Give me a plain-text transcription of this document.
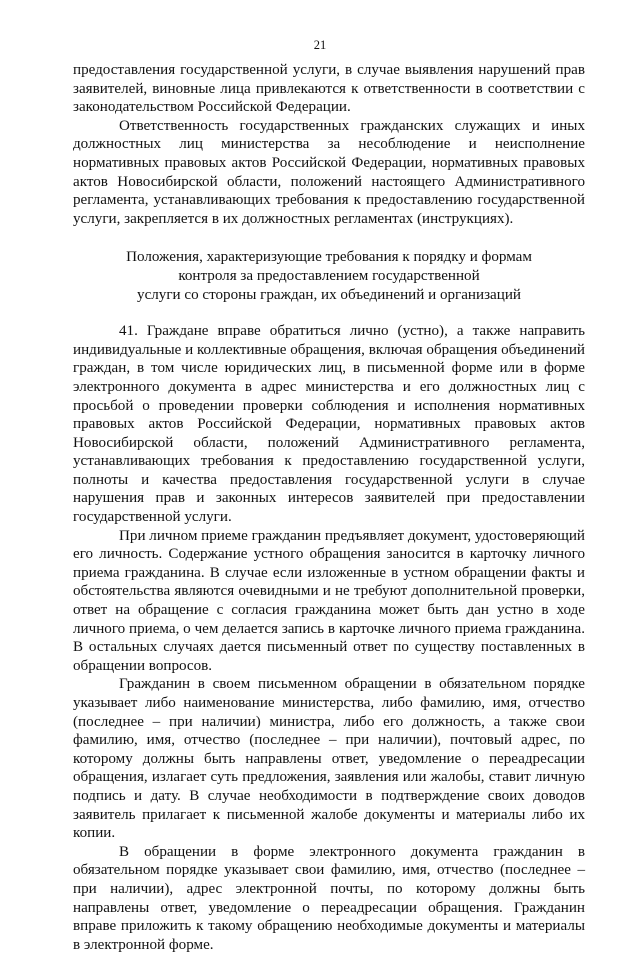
21

предоставления государственной услуги, в случае выявления нарушений прав заявителей, виновные лица привлекаются к ответственности в соответствии с законодательством Российской Федерации.

Ответственность государственных гражданских служащих и иных должностных лиц министерства за несоблюдение и неисполнение нормативных правовых актов Российской Федерации, нормативных правовых актов Новосибирской области, положений настоящего Административного регламента, устанавливающих требования к предоставлению государственной услуги, закрепляется в их должностных регламентах (инструкциях).

Положения, характеризующие требования к порядку и формам
контроля за предоставлением государственной
услуги со стороны граждан, их объединений и организаций

41. Граждане вправе обратиться лично (устно), а также направить индивидуальные и коллективные обращения, включая обращения объединений граждан, в том числе юридических лиц, в письменной форме или в форме электронного документа в адрес министерства и его должностных лиц с просьбой о проведении проверки соблюдения и исполнения нормативных правовых актов Российской Федерации, нормативных правовых актов Новосибирской области, положений Административного регламента, устанавливающих требования к предоставлению государственной услуги, полноты и качества предоставления государственной услуги в случае нарушения прав и законных интересов заявителей при предоставлении государственной услуги.

При личном приеме гражданин предъявляет документ, удостоверяющий его личность. Содержание устного обращения заносится в карточку личного приема гражданина. В случае если изложенные в устном обращении факты и обстоятельства являются очевидными и не требуют дополнительной проверки, ответ на обращение с согласия гражданина может быть дан устно в ходе личного приема, о чем делается запись в карточке личного приема гражданина. В остальных случаях дается письменный ответ по существу поставленных в обращении вопросов.

Гражданин в своем письменном обращении в обязательном порядке указывает либо наименование министерства, либо фамилию, имя, отчество (последнее – при наличии) министра, либо его должность, а также свои фамилию, имя, отчество (последнее – при наличии), почтовый адрес, по которому должны быть направлены ответ, уведомление о переадресации обращения, излагает суть предложения, заявления или жалобы, ставит личную подпись и дату. В случае необходимости в подтверждение своих доводов заявитель прилагает к письменной жалобе документы и материалы либо их копии.

В обращении в форме электронного документа гражданин в обязательном порядке указывает свои фамилию, имя, отчество (последнее – при наличии), адрес электронной почты, по которому должны быть направлены ответ, уведомление о переадресации обращения. Гражданин вправе приложить к такому обращению необходимые документы и материалы в электронной форме.
